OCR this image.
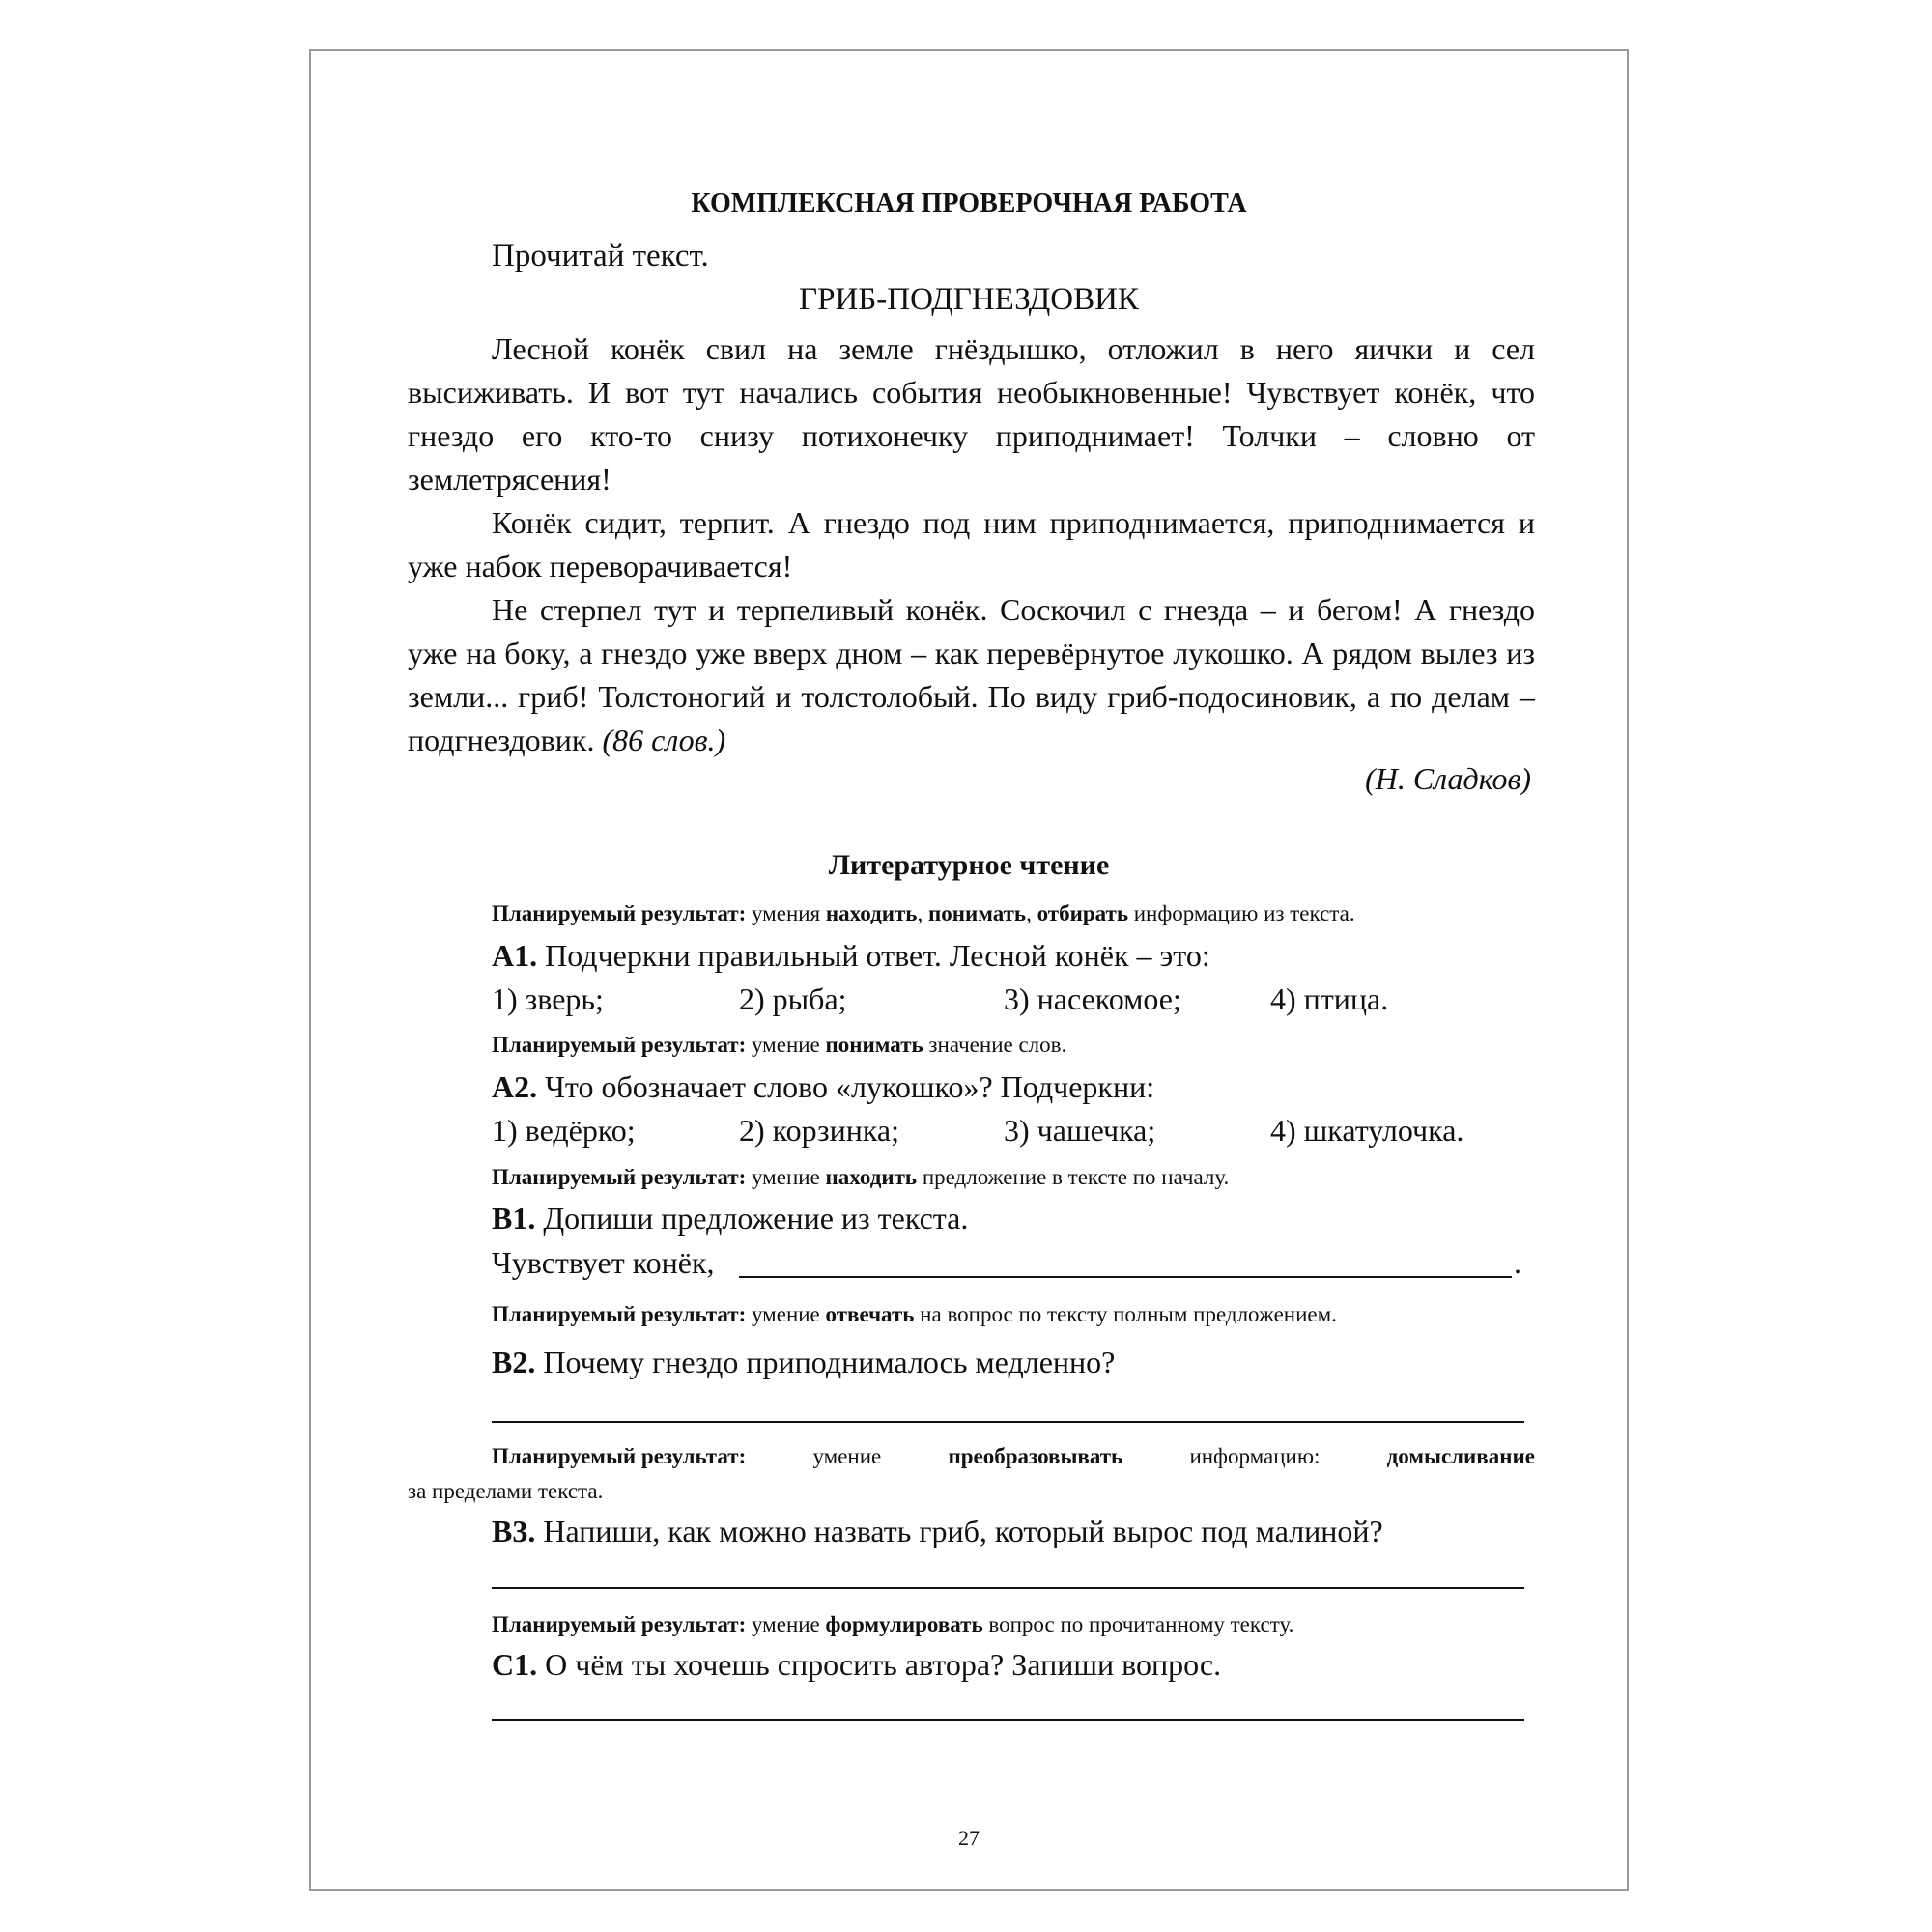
КОМПЛЕКСНАЯ ПРОВЕРОЧНАЯ РАБОТА
Прочитай текст.
ГРИБ-ПОДГНЕЗДОВИК

Лесной конёк свил на земле гнёздышко, отложил в него яички и сел высиживать. И вот тут начались события необыкновенные! Чувствует конёк, что гнездо его кто-то снизу потихонечку приподнимает! Толчки – словно от землетрясения!

Конёк сидит, терпит. А гнездо под ним приподнимается, приподнимается и уже набок переворачивается!

Не стерпел тут и терпеливый конёк. Соскочил с гнезда – и бегом! А гнездо уже на боку, а гнездо уже вверх дном – как перевёрнутое лукошко. А рядом вылез из земли... гриб! Толстоногий и толстолобый. По виду гриб-подосиновик, а по делам – подгнездовик. (86 слов.)

(Н. Сладков)
Литературное чтение
Планируемый результат: умения находить, понимать, отбирать информацию из текста.
А1. Подчеркни правильный ответ. Лесной конёк – это:
1) зверь;	2) рыба;	3) насекомое;	4) птица.
Планируемый результат: умение понимать значение слов.
А2. Что обозначает слово «лукошко»? Подчеркни:
1) ведёрко;	2) корзинка;	3) чашечка;	4) шкатулочка.
Планируемый результат: умение находить предложение в тексте по началу.
В1. Допиши предложение из текста.
Чувствует конёк,	.
Планируемый результат: умение отвечать на вопрос по тексту полным предложением.
В2. Почему гнездо приподнималось медленно?
Планируемый результат:	умение	преобразовывать	информацию:	домысливание
за пределами текста.
В3. Напиши, как можно назвать гриб, который вырос под малиной?
Планируемый результат: умение формулировать вопрос по прочитанному тексту.
С1. О чём ты хочешь спросить автора? Запиши вопрос.
27
